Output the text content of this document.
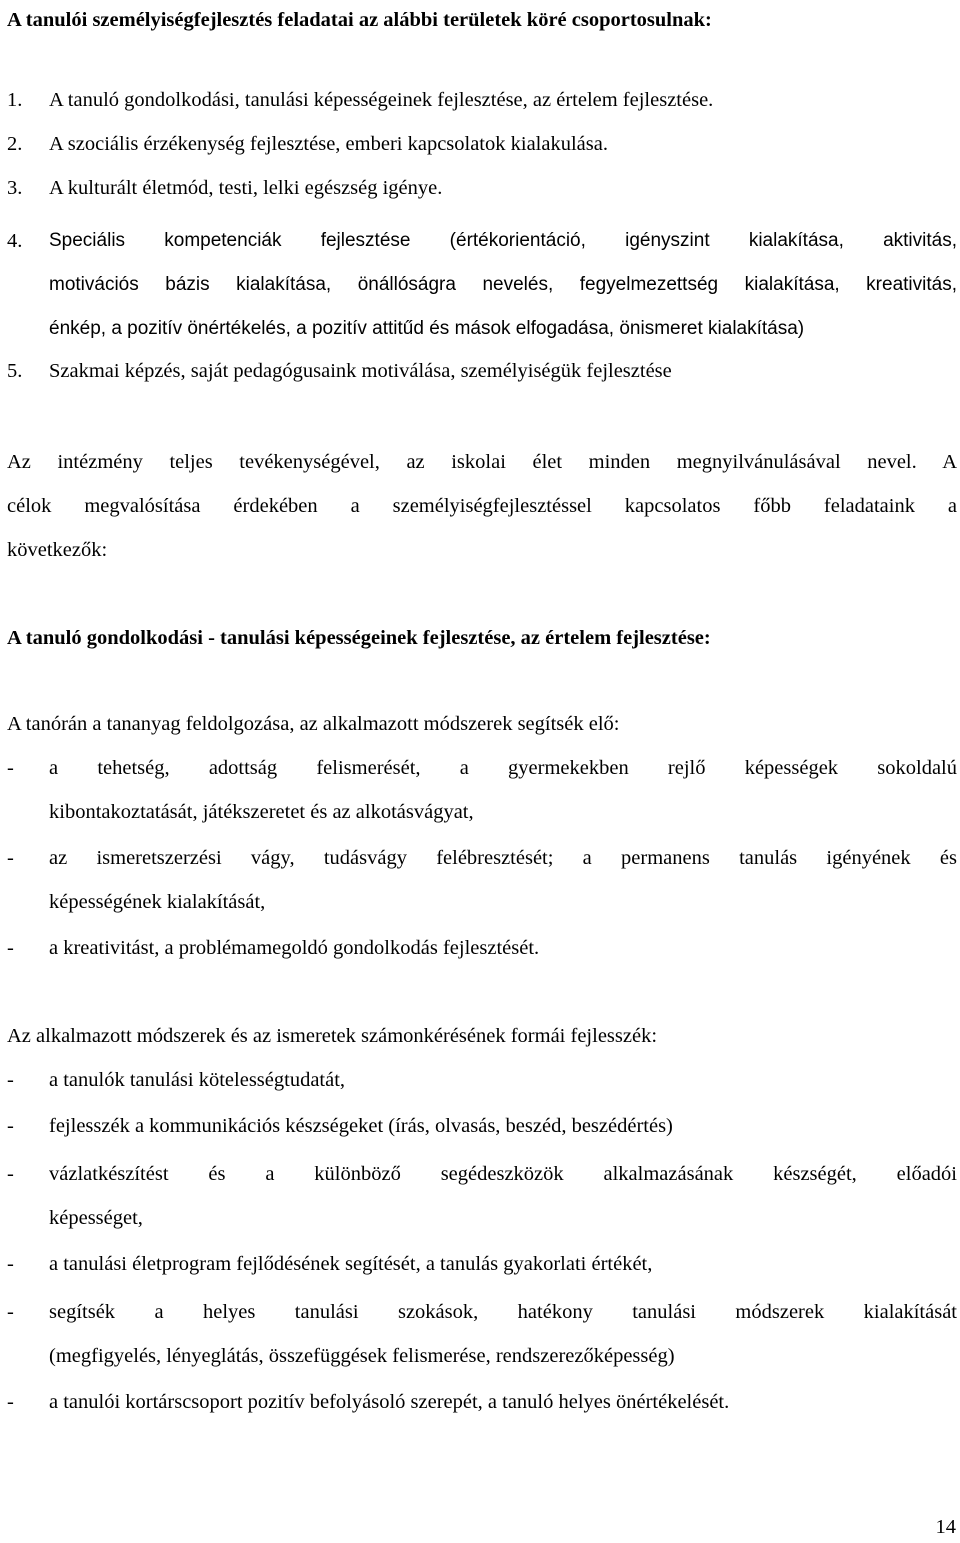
A tanulói személyiségfejlesztés feladatai az alábbi területek köré csoportosulnak:
1.	A tanuló gondolkodási, tanulási képességeinek fejlesztése, az értelem fejlesztése.
2.	A szociális érzékenység fejlesztése, emberi kapcsolatok kialakulása.
3.	A kulturált életmód, testi, lelki egészség igénye.
4.	Speciális kompetenciák fejlesztése (értékorientáció, igényszint kialakítása, aktivitás,
motivációs bázis kialakítása, önállóságra nevelés, fegyelmezettség kialakítása, kreativitás,
énkép, a pozitív önértékelés, a pozitív attitűd és mások elfogadása, önismeret kialakítása)
5.	Szakmai képzés, saját pedagógusaink motiválása, személyiségük fejlesztése
Az intézmény teljes tevékenységével, az iskolai élet minden megnyilvánulásával nevel. A
célok megvalósítása érdekében a személyiségfejlesztéssel kapcsolatos főbb feladataink a
következők:
A tanuló gondolkodási - tanulási képességeinek fejlesztése, az értelem fejlesztése:
A tanórán a tananyag feldolgozása, az alkalmazott módszerek segítsék elő:
-	a tehetség, adottság felismerését, a gyermekekben rejlő képességek sokoldalú
kibontakoztatását, játékszeretet és az alkotásvágyat,
-	az ismeretszerzési vágy, tudásvágy felébresztését; a permanens tanulás igényének és
képességének kialakítását,
-	a kreativitást, a problémamegoldó gondolkodás fejlesztését.
Az alkalmazott módszerek és az ismeretek számonkérésének formái fejlesszék:
-	a tanulók tanulási kötelességtudatát,
-	fejlesszék a kommunikációs készségeket (írás, olvasás, beszéd, beszédértés)
-	vázlatkészítést és a különböző segédeszközök alkalmazásának készségét, előadói
képességet,
-	a tanulási életprogram fejlődésének segítését, a tanulás gyakorlati értékét,
-	segítsék a helyes tanulási szokások, hatékony tanulási módszerek kialakítását
(megfigyelés, lényeglátás, összefüggések felismerése, rendszerezőképesség)
-	a tanulói kortárscsoport pozitív befolyásoló szerepét, a tanuló helyes önértékelését.
14
